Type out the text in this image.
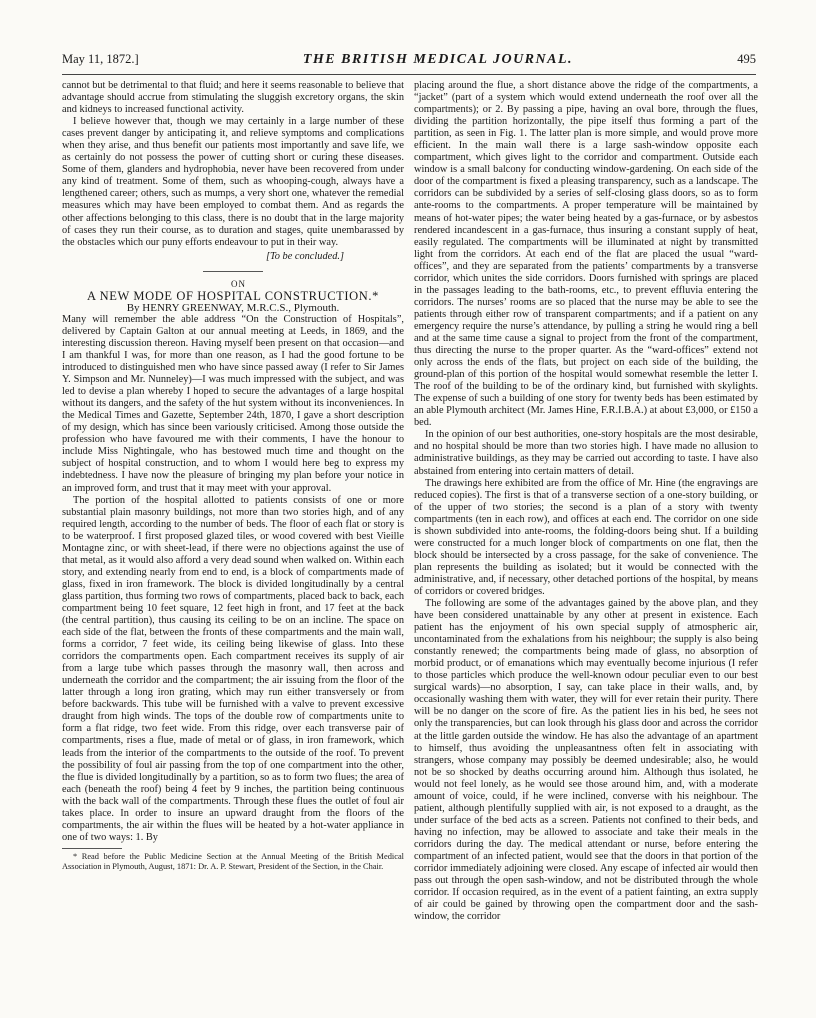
May 11, 1872.]	THE BRITISH MEDICAL JOURNAL.	495

cannot but be detrimental to that fluid; and here it seems reasonable to believe that advantage should accrue from stimulating the sluggish excretory organs, the skin and kidneys to increased functional activity.

I believe however that, though we may certainly in a large number of these cases prevent danger by anticipating it, and relieve symptoms and complications when they arise, and thus benefit our patients most importantly and save life, we as certainly do not possess the power of cutting short or curing these diseases. Some of them, glanders and hydrophobia, never have been recovered from under any kind of treatment. Some of them, such as whooping-cough, always have a lengthened career; others, such as mumps, a very short one, whatever the remedial measures which may have been employed to combat them. And as regards the other affections belonging to this class, there is no doubt that in the large majority of cases they run their course, as to duration and stages, quite unembarassed by the obstacles which our puny efforts endeavour to put in their way.

[To be concluded.]

ON

A NEW MODE OF HOSPITAL CONSTRUCTION.*

By HENRY GREENWAY, M.R.C.S., Plymouth.

Many will remember the able address “On the Construction of Hospitals”, delivered by Captain Galton at our annual meeting at Leeds, in 1869, and the interesting discussion thereon. Having myself been present on that occasion—and I am thankful I was, for more than one reason, as I had the good fortune to be introduced to distinguished men who have since passed away (I refer to Sir James Y. Simpson and Mr. Nunneley)—I was much impressed with the subject, and was led to devise a plan whereby I hoped to secure the advantages of a large hospital without its dangers, and the safety of the hut system without its inconveniences. In the Medical Times and Gazette, September 24th, 1870, I gave a short description of my design, which has since been variously criticised. Among those outside the profession who have favoured me with their comments, I have the honour to include Miss Nightingale, who has bestowed much time and thought on the subject of hospital construction, and to whom I would here beg to express my indebtedness. I have now the pleasure of bringing my plan before your notice in an improved form, and trust that it may meet with your approval.

The portion of the hospital allotted to patients consists of one or more substantial plain masonry buildings, not more than two stories high, and of any required length, according to the number of beds. The floor of each flat or story is to be waterproof. I first proposed glazed tiles, or wood covered with best Vieille Montagne zinc, or with sheet-lead, if there were no objections against the use of that metal, as it would also afford a very dead sound when walked on. Within each story, and extending nearly from end to end, is a block of compartments made of glass, fixed in iron framework. The block is divided longitudinally by a central glass partition, thus forming two rows of compartments, placed back to back, each compartment being 10 feet square, 12 feet high in front, and 17 feet at the back (the central partition), thus causing its ceiling to be on an incline. The space on each side of the flat, between the fronts of these compartments and the main wall, forms a corridor, 7 feet wide, its ceiling being likewise of glass. Into these corridors the compartments open. Each compartment receives its supply of air from a large tube which passes through the masonry wall, then across and underneath the corridor and the compartment; the air issuing from the floor of the latter through a long iron grating, which may run either transversely or from before backwards. This tube will be furnished with a valve to prevent excessive draught from high winds. The tops of the double row of compartments unite to form a flat ridge, two feet wide. From this ridge, over each transverse pair of compartments, rises a flue, made of metal or of glass, in iron framework, which leads from the interior of the compartments to the outside of the roof. To prevent the possibility of foul air passing from the top of one compartment into the other, the flue is divided longitudinally by a partition, so as to form two flues; the area of each (beneath the roof) being 4 feet by 9 inches, the partition being continuous with the back wall of the compartments. Through these flues the outlet of foul air takes place. In order to insure an upward draught from the floors of the compartments, the air within the flues will be heated by a hot-water appliance in one of two ways: 1. By

* Read before the Public Medicine Section at the Annual Meeting of the British Medical Association in Plymouth, August, 1871: Dr. A. P. Stewart, President of the Section, in the Chair.

placing around the flue, a short distance above the ridge of the compartments, a “jacket” (part of a system which would extend underneath the roof over all the compartments); or 2. By passing a pipe, having an oval bore, through the flues, dividing the partition horizontally, the pipe itself thus forming a part of the partition, as seen in Fig. 1. The latter plan is more simple, and would prove more efficient. In the main wall there is a large sash-window opposite each compartment, which gives light to the corridor and compartment. Outside each window is a small balcony for conducting window-gardening. On each side of the door of the compartment is fixed a pleasing transparency, such as a landscape. The corridors can be subdivided by a series of self-closing glass doors, so as to form ante-rooms to the compartments. A proper temperature will be maintained by means of hot-water pipes; the water being heated by a gas-furnace, or by asbestos rendered incandescent in a gas-furnace, thus insuring a constant supply of heat, easily regulated. The compartments will be illuminated at night by transmitted light from the corridors. At each end of the flat are placed the usual “ward-offices”, and they are separated from the patients’ compartments by a transverse corridor, which unites the side corridors. Doors furnished with springs are placed in the passages leading to the bath-rooms, etc., to prevent effluvia entering the corridors. The nurses’ rooms are so placed that the nurse may be able to see the patients through either row of transparent compartments; and if a patient on any emergency require the nurse’s attendance, by pulling a string he would ring a bell and at the same time cause a signal to project from the front of the compartment, thus directing the nurse to the proper quarter. As the “ward-offices” extend not only across the ends of the flats, but project on each side of the building, the ground-plan of this portion of the hospital would somewhat resemble the letter I. The roof of the building to be of the ordinary kind, but furnished with skylights. The expense of such a building of one story for twenty beds has been estimated by an able Plymouth architect (Mr. James Hine, F.R.I.B.A.) at about £3,000, or £150 a bed.

In the opinion of our best authorities, one-story hospitals are the most desirable, and no hospital should be more than two stories high. I have made no allusion to administrative buildings, as they may be carried out according to taste. I have also abstained from entering into certain matters of detail.

The drawings here exhibited are from the office of Mr. Hine (the engravings are reduced copies). The first is that of a transverse section of a one-story building, or of the upper of two stories; the second is a plan of a story with twenty compartments (ten in each row), and offices at each end. The corridor on one side is shown subdivided into ante-rooms, the folding-doors being shut. If a building were constructed for a much longer block of compartments on one flat, then the block should be intersected by a cross passage, for the sake of convenience. The plan represents the building as isolated; but it would be connected with the administrative, and, if necessary, other detached portions of the hospital, by means of corridors or covered bridges.

The following are some of the advantages gained by the above plan, and they have been considered unattainable by any other at present in existence. Each patient has the enjoyment of his own special supply of atmospheric air, uncontaminated from the exhalations from his neighbour; the supply is also being constantly renewed; the compartments being made of glass, no absorption of morbid product, or of emanations which may eventually become injurious (I refer to those particles which produce the well-known odour peculiar even to our best surgical wards)—no absorption, I say, can take place in their walls, and, by occasionally washing them with water, they will for ever retain their purity. There will be no danger on the score of fire. As the patient lies in his bed, he sees not only the transparencies, but can look through his glass door and across the corridor at the little garden outside the window. He has also the advantage of an apartment to himself, thus avoiding the unpleasantness often felt in associating with strangers, whose company may possibly be deemed undesirable; also, he would not be so shocked by deaths occurring around him. Although thus isolated, he would not feel lonely, as he would see those around him, and, with a moderate amount of voice, could, if he were inclined, converse with his neighbour. The patient, although plentifully supplied with air, is not exposed to a draught, as the under surface of the bed acts as a screen. Patients not confined to their beds, and having no infection, may be allowed to associate and take their meals in the corridors during the day. The medical attendant or nurse, before entering the compartment of an infected patient, would see that the doors in that portion of the corridor immediately adjoining were closed. Any escape of infected air would then pass out through the open sash-window, and not be distributed through the whole corridor. If occasion required, as in the event of a patient fainting, an extra supply of air could be gained by throwing open the compartment door and the sash-window, the corridor
